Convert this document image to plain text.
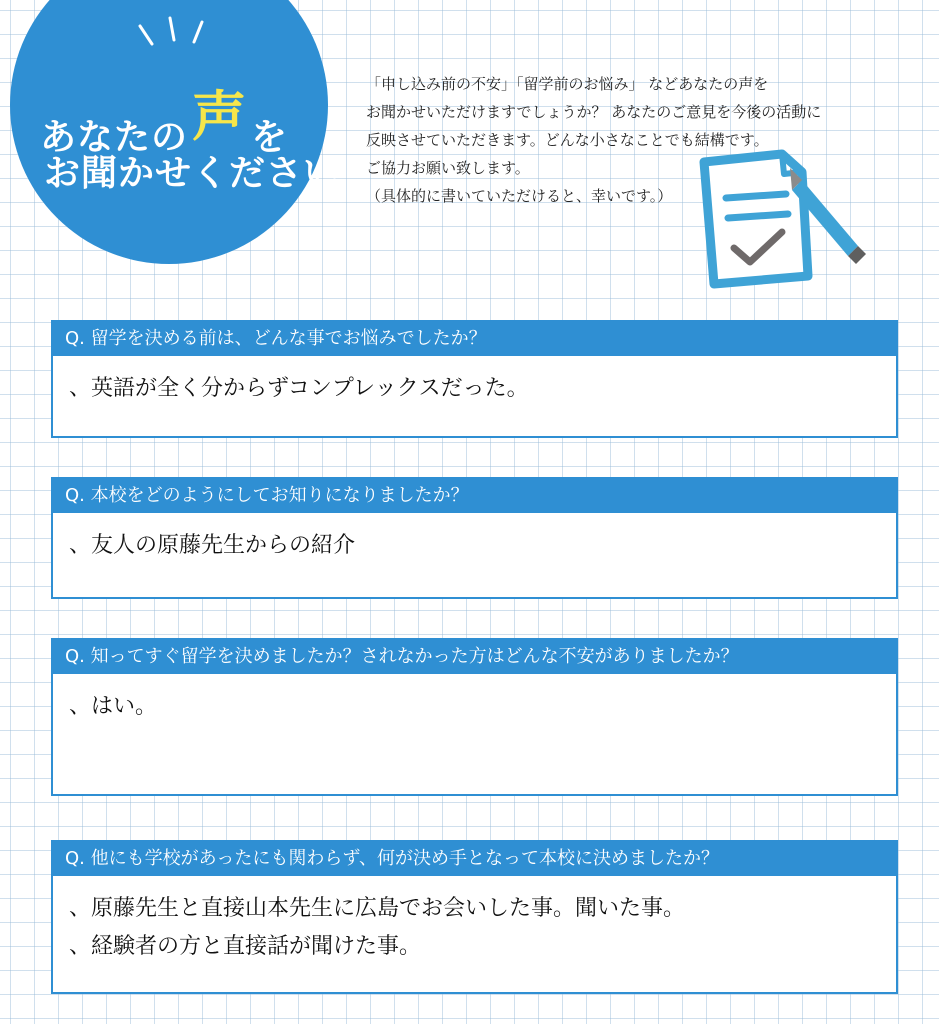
あなたの声 を
お聞かせください
「申し込み前の不安」「留学前のお悩み」 などあなたの声を
お聞かせいただけますでしょうか？ あなたのご意見を今後の活動に
反映させていただきます。どんな小さなことでも結構です。
ご協力お願い致します。
（具体的に書いていただけると、幸いです。）
Q. 留学を決める前は、どんな事でお悩みでしたか？
、英語が全く分からずコンプレックスだった。
Q. 本校をどのようにしてお知りになりましたか？
、友人の原藤先生からの紹介
Q. 知ってすぐ留学を決めましたか？されなかった方はどんな不安がありましたか？
、はい。
Q. 他にも学校があったにも関わらず、何が決め手となって本校に決めましたか？
、原藤先生と直接山本先生に広島でお会いした事。聞いた事。
、経験者の方と直接話が聞けた事。
